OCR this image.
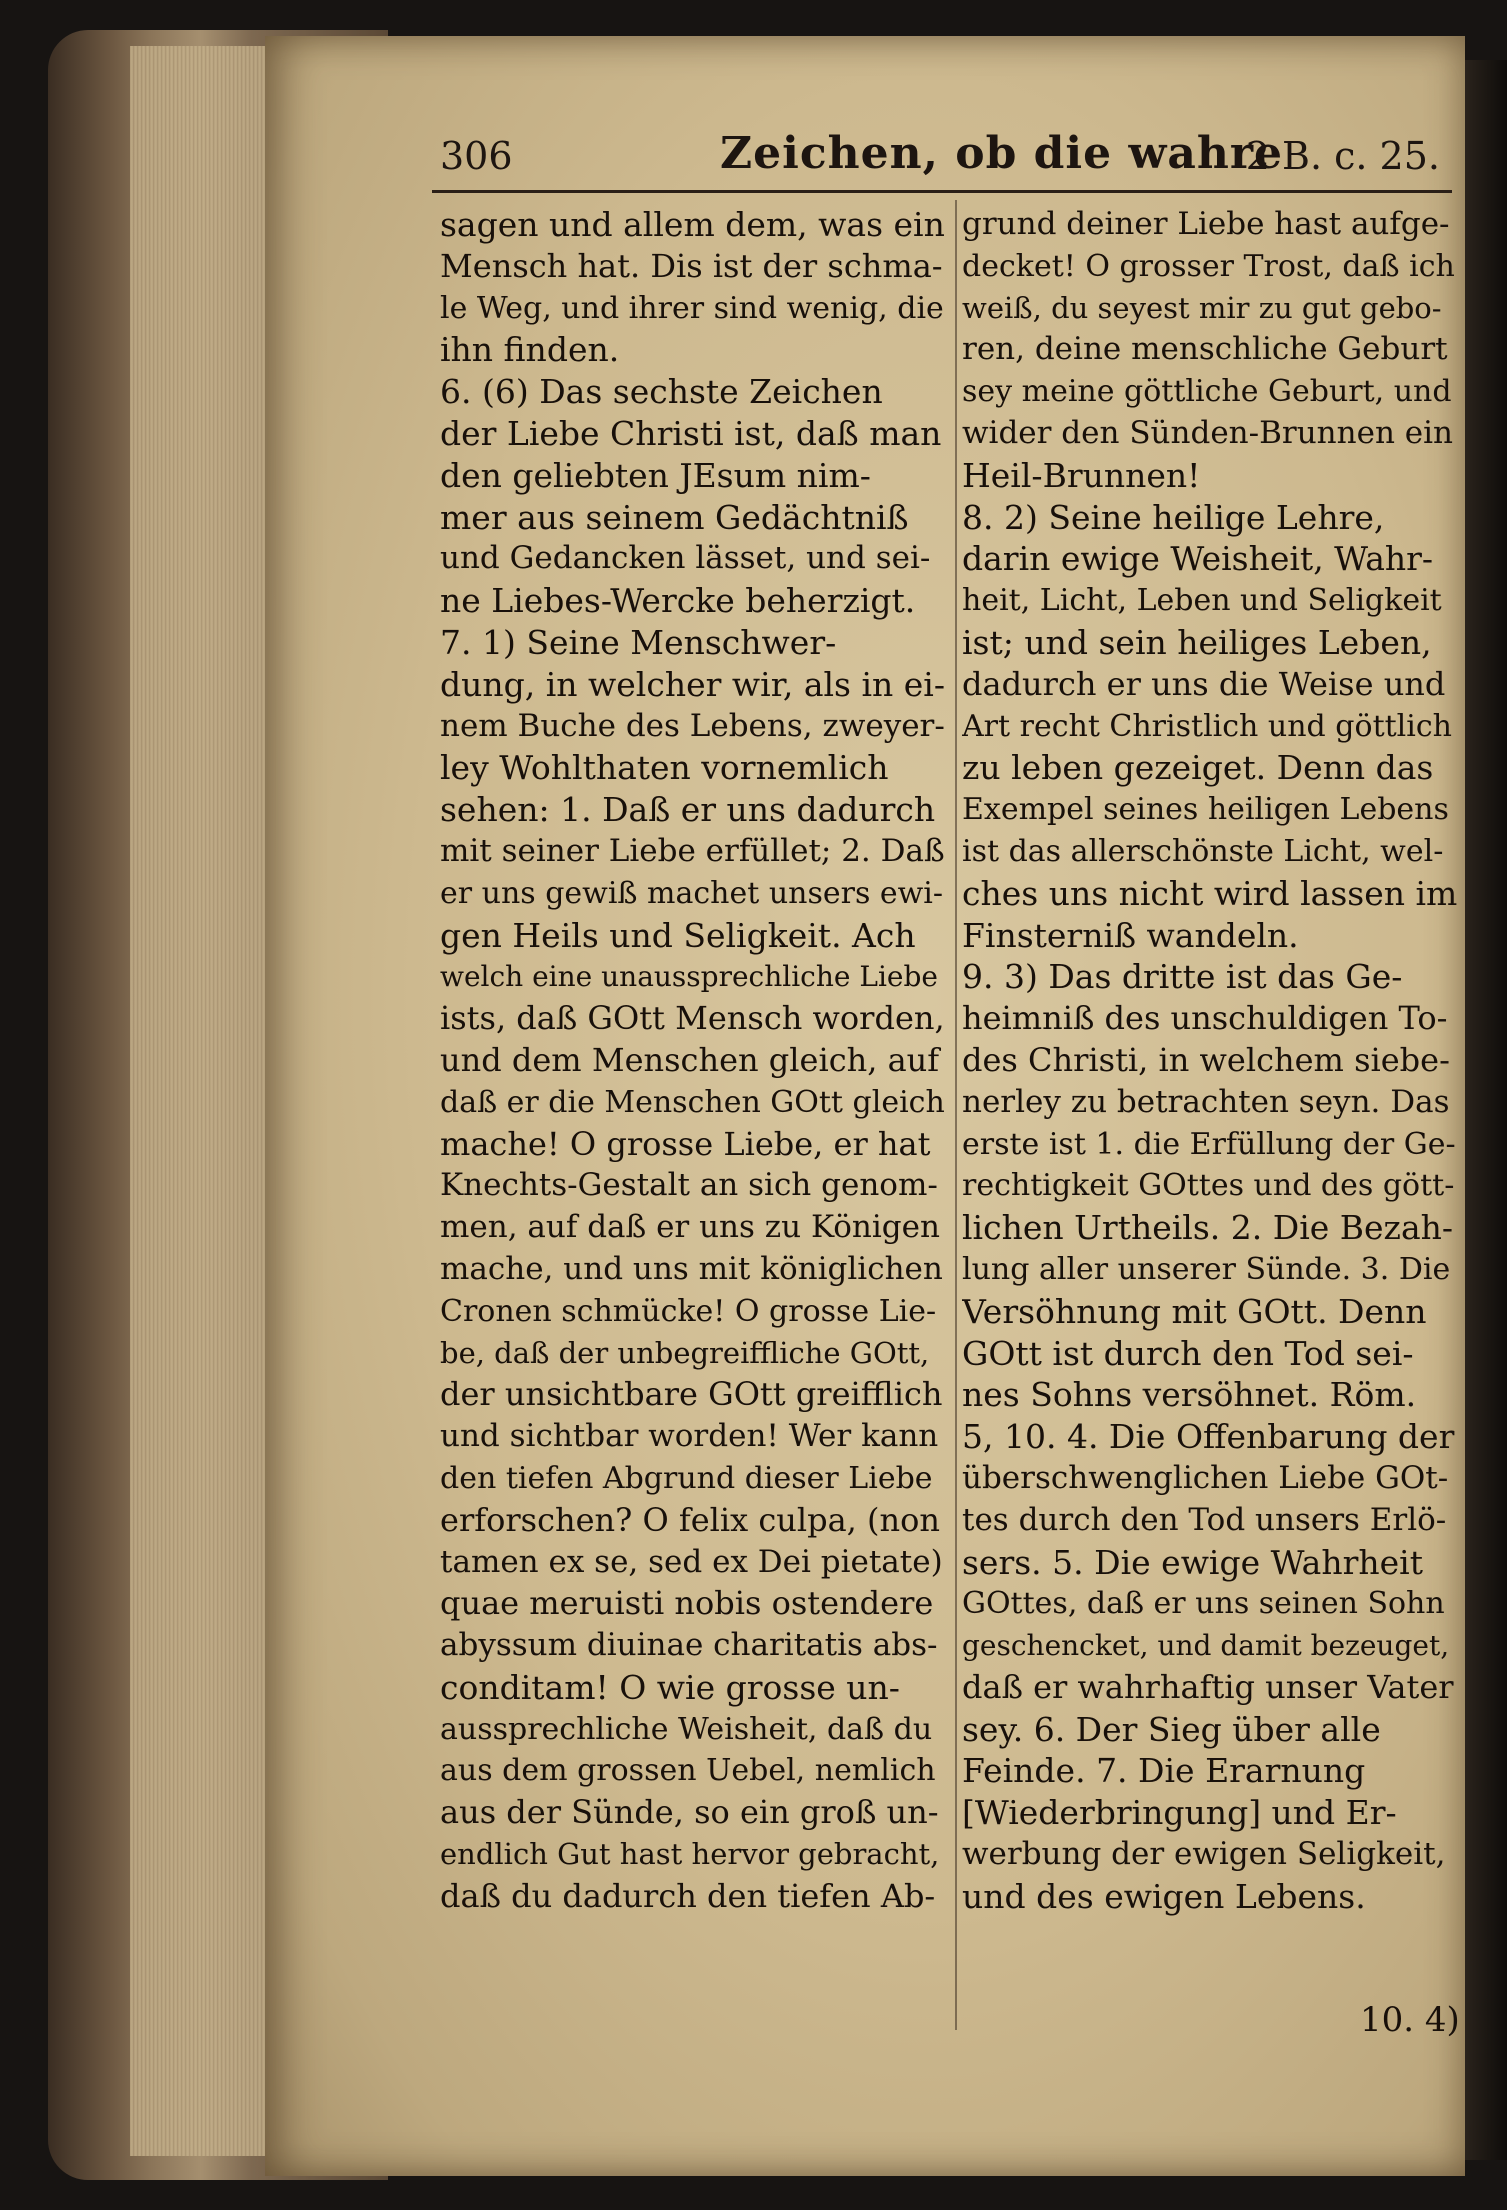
306	Zeichen, ob die wahre
2 B. c. 25.
sagen und allem dem, was ein
Mensch hat. Dis ist der schma-
le Weg, und ihrer sind wenig, die
ihn finden.
6. (6) Das sechste Zeichen
der Liebe Christi ist, daß man
den geliebten JEsum nim-
mer aus seinem Gedächtniß
und Gedancken lässet, und sei-
ne Liebes-Wercke beherzigt.
7. 1) Seine Menschwer-
dung, in welcher wir, als in ei-
nem Buche des Lebens, zweyer-
ley Wohlthaten vornemlich
sehen: 1. Daß er uns dadurch
mit seiner Liebe erfüllet; 2. Daß
er uns gewiß machet unsers ewi-
gen Heils und Seligkeit. Ach
welch eine unaussprechliche Liebe
ists, daß GOtt Mensch worden,
und dem Menschen gleich, auf
daß er die Menschen GOtt gleich
mache! O grosse Liebe, er hat
Knechts-Gestalt an sich genom-
men, auf daß er uns zu Königen
mache, und uns mit königlichen
Cronen schmücke! O grosse Lie-
be, daß der unbegreiffliche GOtt,
der unsichtbare GOtt greifflich
und sichtbar worden! Wer kann
den tiefen Abgrund dieser Liebe
erforschen? O felix culpa, (non
tamen ex se, sed ex Dei pietate)
quae meruisti nobis ostendere
abyssum diuinae charitatis abs-
conditam! O wie grosse un-
aussprechliche Weisheit, daß du
aus dem grossen Uebel, nemlich
aus der Sünde, so ein groß un-
endlich Gut hast hervor gebracht,
daß du dadurch den tiefen Ab-
grund deiner Liebe hast aufge-
decket! O grosser Trost, daß ich
weiß, du seyest mir zu gut gebo-
ren, deine menschliche Geburt
sey meine göttliche Geburt, und
wider den Sünden-Brunnen ein
Heil-Brunnen!
8. 2) Seine heilige Lehre,
darin ewige Weisheit, Wahr-
heit, Licht, Leben und Seligkeit
ist; und sein heiliges Leben,
dadurch er uns die Weise und
Art recht Christlich und göttlich
zu leben gezeiget. Denn das
Exempel seines heiligen Lebens
ist das allerschönste Licht, wel-
ches uns nicht wird lassen im
Finsterniß wandeln.
9. 3) Das dritte ist das Ge-
heimniß des unschuldigen To-
des Christi, in welchem siebe-
nerley zu betrachten seyn. Das
erste ist 1. die Erfüllung der Ge-
rechtigkeit GOttes und des gött-
lichen Urtheils. 2. Die Bezah-
lung aller unserer Sünde. 3. Die
Versöhnung mit GOtt. Denn
GOtt ist durch den Tod sei-
nes Sohns versöhnet. Röm.
5, 10. 4. Die Offenbarung der
überschwenglichen Liebe GOt-
tes durch den Tod unsers Erlö-
sers. 5. Die ewige Wahrheit
GOttes, daß er uns seinen Sohn
geschencket, und damit bezeuget,
daß er wahrhaftig unser Vater
sey. 6. Der Sieg über alle
Feinde. 7. Die Erarnung
[Wiederbringung] und Er-
werbung der ewigen Seligkeit,
und des ewigen Lebens.
10. 4)
